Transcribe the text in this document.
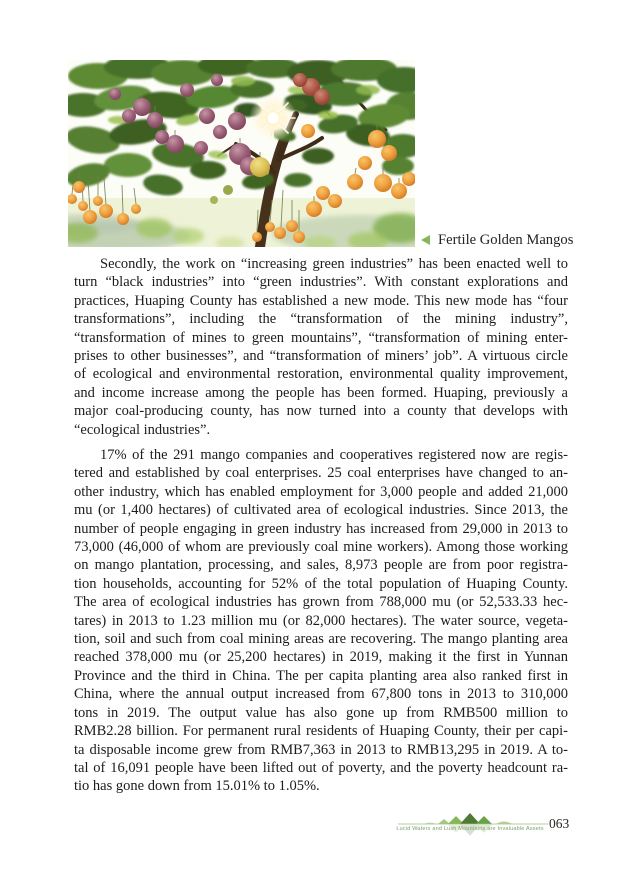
Fertile Golden Mangos
Secondly, the work on “increasing green industries” has been enacted well to
turn “black industries” into “green industries”. With constant explorations and
practices, Huaping County has established a new mode. This new mode has “four
transformations”, including the “transformation of the mining industry”,
“transformation of mines to green mountains”, “transformation of mining enter-
prises to other businesses”, and “transformation of miners’ job”. A virtuous circle
of ecological and environmental restoration, environmental quality improvement,
and income increase among the people has been formed. Huaping, previously a
major coal-producing county, has now turned into a county that develops with
“ecological industries”.
17% of the 291 mango companies and cooperatives registered now are regis-
tered and established by coal enterprises. 25 coal enterprises have changed to an-
other industry, which has enabled employment for 3,000 people and added 21,000
mu (or 1,400 hectares) of cultivated area of ecological industries. Since 2013, the
number of people engaging in green industry has increased from 29,000 in 2013 to
73,000 (46,000 of whom are previously coal mine workers). Among those working
on mango plantation, processing, and sales, 8,973 people are from poor registra-
tion households, accounting for 52% of the total population of Huaping County.
The area of ecological industries has grown from 788,000 mu (or 52,533.33 hec-
tares) in 2013 to 1.23 million mu (or 82,000 hectares). The water source, vegeta-
tion, soil and such from coal mining areas are recovering. The mango planting area
reached 378,000 mu (or 25,200 hectares) in 2019, making it the first in Yunnan
Province and the third in China. The per capita planting area also ranked first in
China, where the annual output increased from 67,800 tons in 2013 to 310,000
tons in 2019. The output value has also gone up from RMB500 million to
RMB2.28 billion. For permanent rural residents of Huaping County, their per capi-
ta disposable income grew from RMB7,363 in 2013 to RMB13,295 in 2019. A to-
tal of 16,091 people have been lifted out of poverty, and the poverty headcount ra-
tio has gone down from 15.01% to 1.05%.
Lucid Waters and Lush Mountains are Invaluable Assets 063
